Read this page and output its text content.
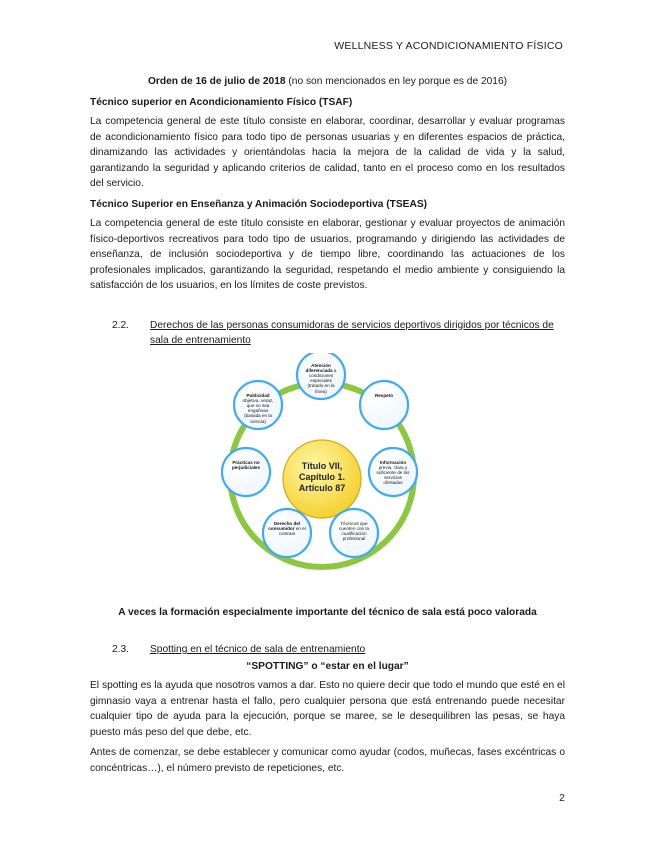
WELLNESS Y ACONDICIONAMIENTO FÍSICO

Orden de 16 de julio de 2018 (no son mencionados en ley porque es de 2016)

Técnico superior en Acondicionamiento Físico (TSAF)

La competencia general de este título consiste en elaborar, coordinar, desarrollar y evaluar programas de acondicionamiento físico para todo tipo de personas usuarias y en diferentes espacios de práctica, dinamizando las actividades y orientándolas hacia la mejora de la calidad de vida y la salud, garantizando la seguridad y aplicando criterios de calidad, tanto en el proceso como en los resultados del servicio.

Técnico Superior en Enseñanza y Animación Sociodeportiva (TSEAS)

La competencia general de este título consiste en elaborar, gestionar y evaluar proyectos de animación físico-deportivos recreativos para todo tipo de usuarios, programando y dirigiendo las actividades de enseñanza, de inclusión sociodeportiva y de tiempo libre, coordinando las actuaciones de los profesionales implicados, garantizando la seguridad, respetando el medio ambiente y consiguiendo la satisfacción de los usuarios, en los límites de coste previstos.

2.2.	Derechos de las personas consumidoras de servicios deportivos dirigidos por técnicos de sala de entrenamiento
Título VII, Capítulo 1. Artículo 87
Atención diferenciada a condiciones especiales (tratado en la línea)
Respeto
Información previa, clara y suficiente de los servicios ofertados
Técnicos que cuenten con la cualificación profesional
Derecho del consumidor en el contrato
Prácticas no perjudiciales
Publicidad objetiva, veraz, que no sea engañosa (basada en la ciencia)
A veces la formación especialmente importante del técnico de sala está poco valorada
2.3.	Spotting en el técnico de sala de entrenamiento
“SPOTTING” o “estar en el lugar”

El spotting es la ayuda que nosotros vamos a dar. Esto no quiere decir que todo el mundo que esté en el gimnasio vaya a entrenar hasta el fallo, pero cualquier persona que está entrenando puede necesitar cualquier tipo de ayuda para la ejecución, porque se maree, se le desequilibren las pesas, se haya puesto más peso del que debe, etc.

Antes de comenzar, se debe establecer y comunicar como ayudar (codos, muñecas, fases excéntricas o concéntricas…), el número previsto de repeticiones, etc.

2
